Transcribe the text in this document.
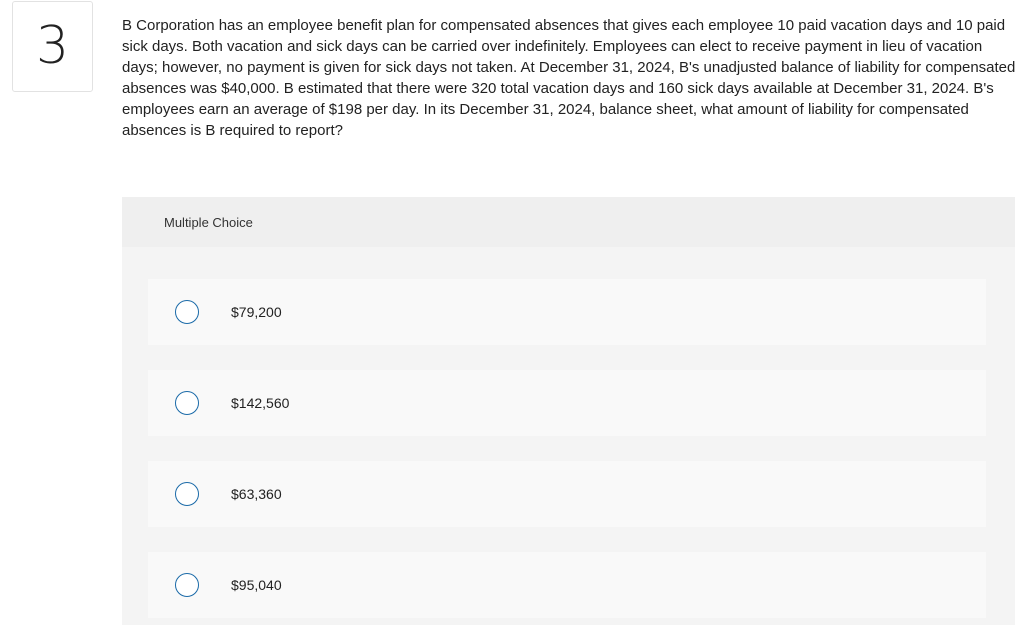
3	B Corporation has an employee benefit plan for compensated absences that gives each employee 10 paid vacation days and 10 paid sick days. Both vacation and sick days can be carried over indefinitely. Employees can elect to receive payment in lieu of vacation days; however, no payment is given for sick days not taken. At December 31, 2024, B's unadjusted balance of liability for compensated absences was $40,000. B estimated that there were 320 total vacation days and 160 sick days available at December 31, 2024. B's employees earn an average of $198 per day. In its December 31, 2024, balance sheet, what amount of liability for compensated absences is B required to report?

Multiple Choice
$79,200
$142,560
$63,360
$95,040
